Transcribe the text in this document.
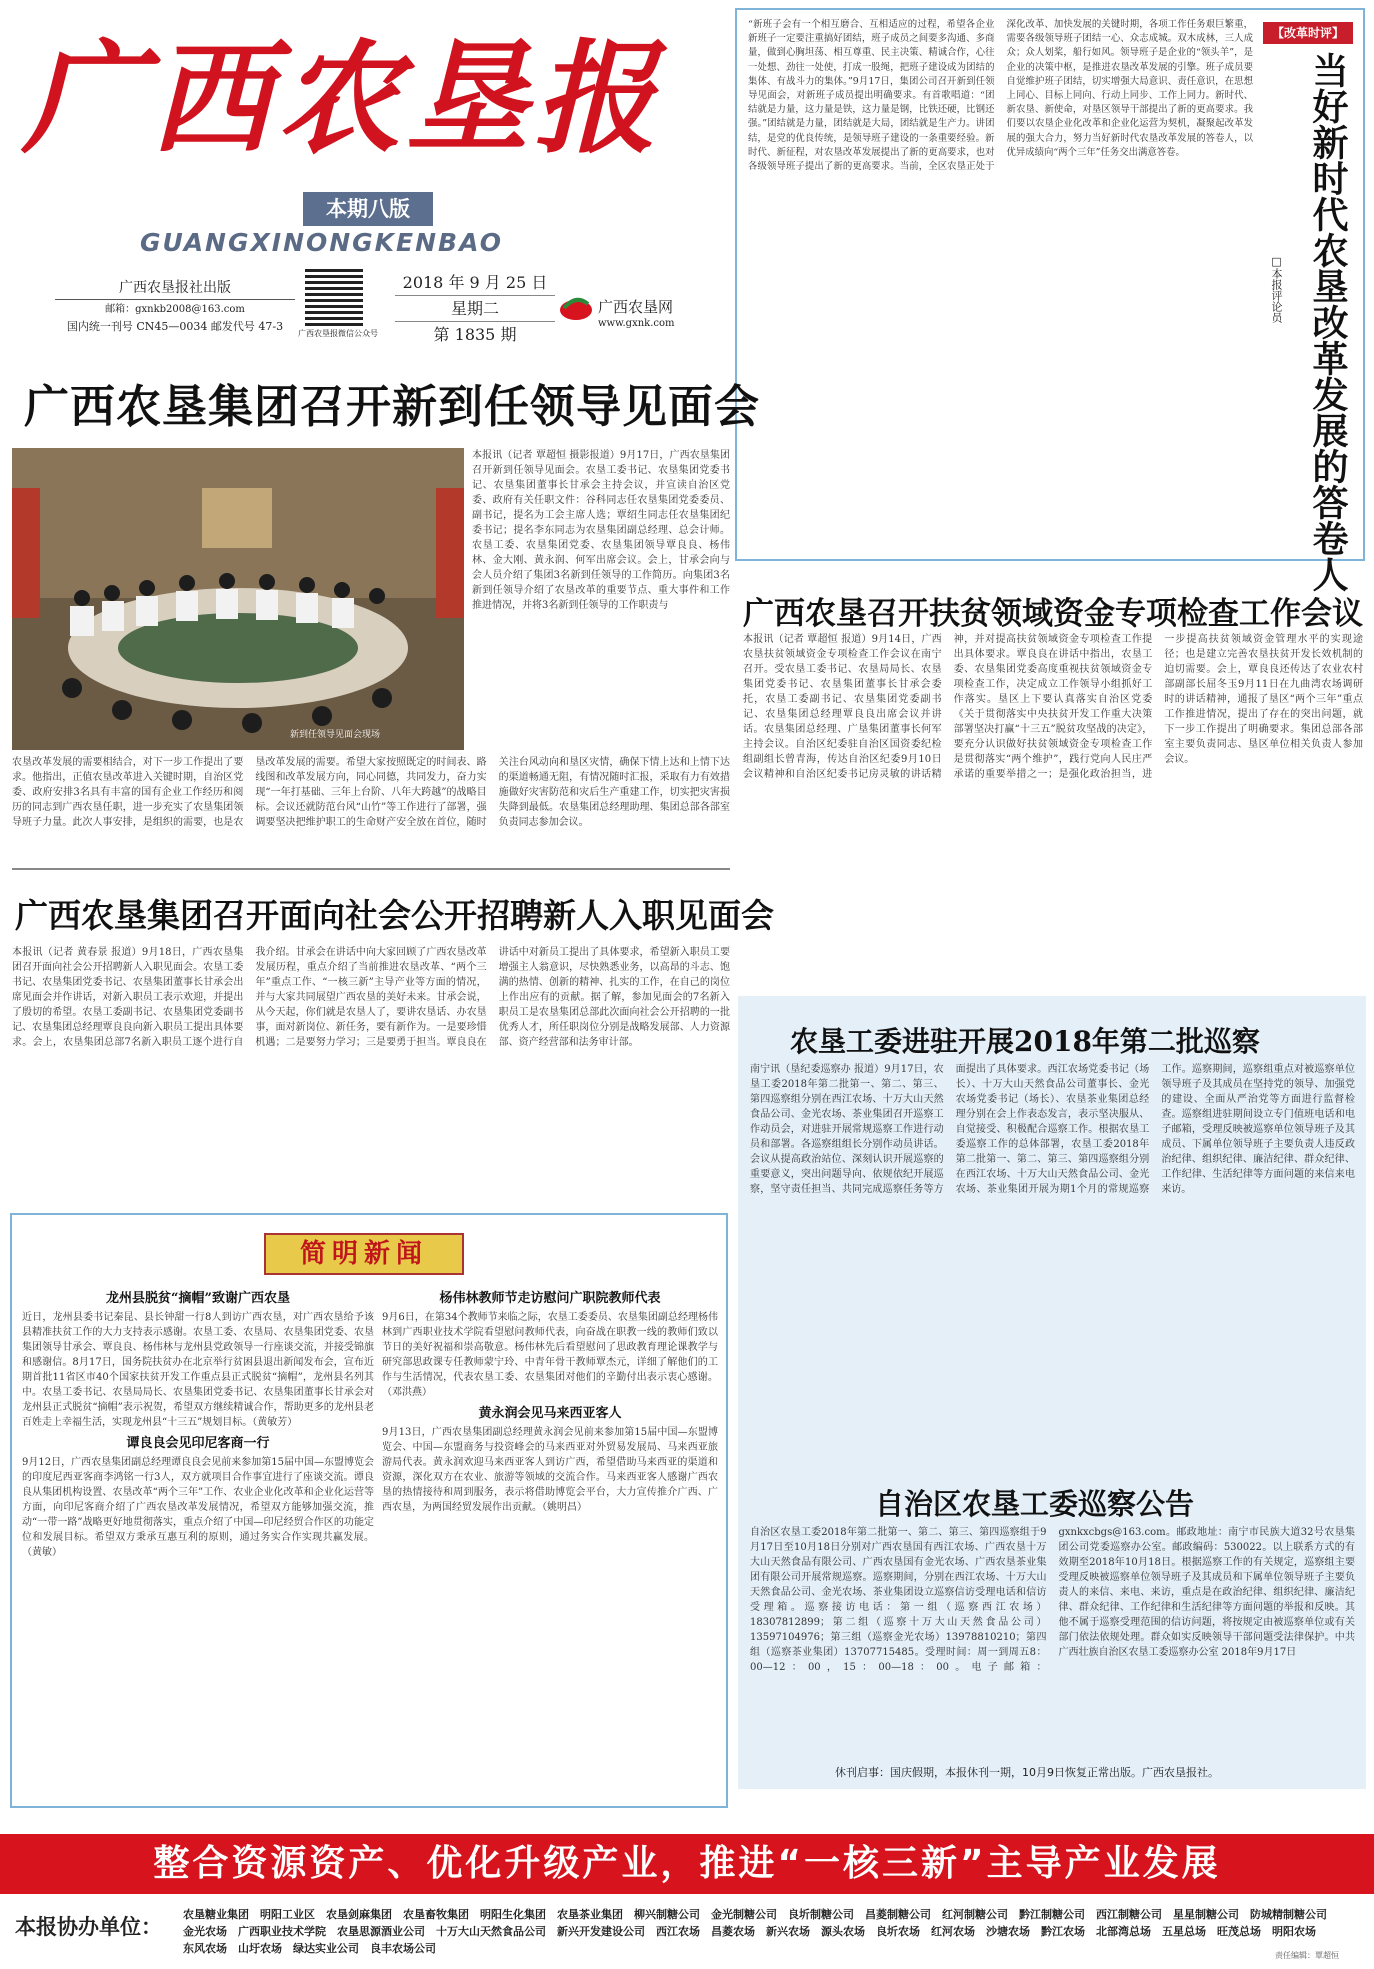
广西农垦报
本期八版
GUANGXINONGKENBAO
广西农垦报社出版
邮箱：gxnkb2008@163.com
国内统一刊号 CN45—0034 邮发代号 47-3
广西农垦报微信公众号
2018 年 9 月 25 日
星期二
第 1835 期
广西农垦网
www.gxnk.com
“新班子会有一个相互磨合、互相适应的过程，希望各企业新班子一定要注重搞好团结，班子成员之间要多沟通、多商量，做到心胸坦荡、相互尊重、民主决策、精诚合作，心往一处想、劲往一处使，打成一股绳，把班子建设成为团结的集体、有战斗力的集体。”9月17日，集团公司召开新到任领导见面会，对新班子成员提出明确要求。有首歌唱道：“团结就是力量，这力量是铁，这力量是钢，比铁还硬，比钢还强。”团结就是力量，团结就是大局，团结就是生产力。讲团结，是党的优良传统，是领导班子建设的一条重要经验。新时代、新征程，对农垦改革发展提出了新的更高要求，也对各级领导班子提出了新的更高要求。当前，全区农垦正处于深化改革、加快发展的关键时期，各项工作任务艰巨繁重，需要各级领导班子团结一心、众志成城。双木成林，三人成众；众人划桨，船行如风。领导班子是企业的“领头羊”，是企业的决策中枢，是推进农垦改革发展的引擎。班子成员要自觉维护班子团结，切实增强大局意识、责任意识，在思想上同心、目标上同向、行动上同步、工作上同力。新时代、新农垦、新使命，对垦区领导干部提出了新的更高要求。我们要以农垦企业化改革和企业化运营为契机，凝聚起改革发展的强大合力，努力当好新时代农垦改革发展的答卷人，以优异成绩向“两个三年”任务交出满意答卷。
【改革时评】
当好新时代农垦改革发展的答卷人
□本报评论员
广西农垦集团召开新到任领导见面会
新到任领导见面会现场
本报讯（记者 覃超恒 摄影报道）9月17日，广西农垦集团召开新到任领导见面会。农垦工委书记、农垦集团党委书记、农垦集团董事长甘承会主持会议，并宣读自治区党委、政府有关任职文件：谷科同志任农垦集团党委委员、副书记，提名为工会主席人选；覃绍生同志任农垦集团纪委书记；提名李东同志为农垦集团副总经理、总会计师。农垦工委、农垦集团党委、农垦集团领导覃良良、杨伟林、金大刚、黄永润、何军出席会议。会上，甘承会向与会人员介绍了集团3名新到任领导的工作简历。向集团3名新到任领导介绍了农垦改革的重要节点、重大事件和工作推进情况，并将3名新到任领导的工作职责与
农垦改革发展的需要相结合，对下一步工作提出了要求。他指出，正值农垦改革进入关键时期，自治区党委、政府安排3名具有丰富的国有企业工作经历和阅历的同志到广西农垦任职，进一步充实了农垦集团领导班子力量。此次人事安排，是组织的需要，也是农垦改革发展的需要。希望大家按照既定的时间表、路线图和改革发展方向，同心同德，共同发力，奋力实现“一年打基础、三年上台阶、八年大跨越”的战略目标。会议还就防范台风“山竹”等工作进行了部署，强调要坚决把维护职工的生命财产安全放在首位，随时关注台风动向和垦区灾情，确保下情上达和上情下达的渠道畅通无阻，有情况随时汇报，采取有力有效措施做好灾害防范和灾后生产重建工作，切实把灾害损失降到最低。农垦集团总经理助理、集团总部各部室负责同志参加会议。
广西农垦召开扶贫领域资金专项检查工作会议
本报讯（记者 覃超恒 报道）9月14日，广西农垦扶贫领域资金专项检查工作会议在南宁召开。受农垦工委书记、农垦局局长、农垦集团党委书记、农垦集团董事长甘承会委托，农垦工委副书记、农垦集团党委副书记、农垦集团总经理覃良良出席会议并讲话。农垦集团总经理、广垦集团董事长何军主持会议。自治区纪委驻自治区国资委纪检组副组长曾青海，传达自治区纪委9月10日会议精神和自治区纪委书记房灵敏的讲话精神，并对提高扶贫领域资金专项检查工作提出具体要求。覃良良在讲话中指出，农垦工委、农垦集团党委高度重视扶贫领域资金专项检查工作，决定成立工作领导小组抓好工作落实。垦区上下要认真落实自治区党委《关于贯彻落实中央扶贫开发工作重大决策部署坚决打赢“十三五”脱贫攻坚战的决定》，要充分认识做好扶贫领域资金专项检查工作是贯彻落实“两个维护”，践行党向人民庄严承诺的重要举措之一；是强化政治担当，进一步提高扶贫领域资金管理水平的实现途径；也是建立完善农垦扶贫开发长效机制的迫切需要。会上，覃良良还传达了农业农村部副部长屈冬玉9月11日在九曲湾农场调研时的讲话精神，通报了垦区“两个三年”重点工作推进情况，提出了存在的突出问题，就下一步工作提出了明确要求。集团总部各部室主要负责同志、垦区单位相关负责人参加会议。
广西农垦集团召开面向社会公开招聘新人入职见面会
本报讯（记者 黄春景 报道）9月18日，广西农垦集团召开面向社会公开招聘新人入职见面会。农垦工委书记、农垦集团党委书记、农垦集团董事长甘承会出席见面会并作讲话，对新入职员工表示欢迎，并提出了殷切的希望。农垦工委副书记、农垦集团党委副书记、农垦集团总经理覃良良向新入职员工提出具体要求。会上，农垦集团总部7名新入职员工逐个进行自我介绍。甘承会在讲话中向大家回顾了广西农垦改革发展历程，重点介绍了当前推进农垦改革、“两个三年”重点工作、“一核三新”主导产业等方面的情况，并与大家共同展望广西农垦的美好未来。甘承会说，从今天起，你们就是农垦人了，要讲农垦话、办农垦事，面对新岗位、新任务，要有新作为。一是要珍惜机遇；二是要努力学习；三是要勇于担当。覃良良在讲话中对新员工提出了具体要求，希望新入职员工要增强主人翁意识，尽快熟悉业务，以高昂的斗志、饱满的热情、创新的精神、扎实的工作，在自己的岗位上作出应有的贡献。据了解，参加见面会的7名新入职员工是农垦集团总部此次面向社会公开招聘的一批优秀人才，所任职岗位分别是战略发展部、人力资源部、资产经营部和法务审计部。	农垦工委进驻开展2018年第二批巡察
南宁讯（垦纪委巡察办 报道）9月17日，农垦工委2018年第二批第一、第二、第三、第四巡察组分别在西江农场、十万大山天然食品公司、金光农场、茶业集团召开巡察工作动员会，对进驻开展常规巡察工作进行动员和部署。各巡察组组长分别作动员讲话。会议从提高政治站位、深刻认识开展巡察的重要意义，突出问题导向、依规依纪开展巡察，坚守责任担当、共同完成巡察任务等方面提出了具体要求。西江农场党委书记（场长）、十万大山天然食品公司董事长、金光农场党委书记（场长）、农垦茶业集团总经理分别在会上作表态发言，表示坚决服从、自觉接受、积极配合巡察工作。根据农垦工委巡察工作的总体部署，农垦工委2018年第二批第一、第二、第三、第四巡察组分别在西江农场、十万大山天然食品公司、金光农场、茶业集团开展为期1个月的常规巡察工作。巡察期间，巡察组重点对被巡察单位领导班子及其成员在坚持党的领导、加强党的建设、全面从严治党等方面进行监督检查。巡察组进驻期间设立专门值班电话和电子邮箱，受理反映被巡察单位领导班子及其成员、下属单位领导班子主要负责人违反政治纪律、组织纪律、廉洁纪律、群众纪律、工作纪律、生活纪律等方面问题的来信来电来访。
自治区农垦工委巡察公告
自治区农垦工委2018年第二批第一、第二、第三、第四巡察组于9月17日至10月18日分别对广西农垦国有西江农场、广西农垦十万大山天然食品有限公司、广西农垦国有金光农场、广西农垦茶业集团有限公司开展常规巡察。巡察期间，分别在西江农场、十万大山天然食品公司、金光农场、茶业集团设立巡察信访受理电话和信访受理箱。巡察接访电话：第一组（巡察西江农场）18307812899；第二组（巡察十万大山天然食品公司）13597104976；第三组（巡察金光农场）13978810210；第四组（巡察茶业集团）13707715485。受理时间：周一到周五8：00—12：00，15：00—18：00。电子邮箱：gxnkxcbgs@163.com。邮政地址：南宁市民族大道32号农垦集团公司党委巡察办公室。邮政编码：530022。以上联系方式的有效期至2018年10月18日。根据巡察工作的有关规定，巡察组主要受理反映被巡察单位领导班子及其成员和下属单位领导班子主要负责人的来信、来电、来访，重点是在政治纪律、组织纪律、廉洁纪律、群众纪律、工作纪律和生活纪律等方面问题的举报和反映。其他不属于巡察受理范围的信访问题，将按规定由被巡察单位或有关部门依法依规处理。群众如实反映领导干部问题受法律保护。中共广西壮族自治区农垦工委巡察办公室 2018年9月17日
休刊启事：国庆假期，本报休刊一期，10月9日恢复正常出版。广西农垦报社。
简明新闻
龙州县脱贫“摘帽”致谢广西农垦
近日，龙州县委书记秦昆、县长钟甜一行8人到访广西农垦，对广西农垦给予该县精准扶贫工作的大力支持表示感谢。农垦工委、农垦局、农垦集团党委、农垦集团领导甘承会、覃良良、杨伟林与龙州县党政领导一行座谈交流，并接受锦旗和感谢信。8月17日，国务院扶贫办在北京举行贫困县退出新闻发布会，宣布近期首批11省区市40个国家扶贫开发工作重点县正式脱贫“摘帽”，龙州县名列其中。农垦工委书记、农垦局局长、农垦集团党委书记、农垦集团董事长甘承会对龙州县正式脱贫“摘帽”表示祝贺，希望双方继续精诚合作，帮助更多的龙州县老百姓走上幸福生活，实现龙州县“十三五”规划目标。（黄敏芳）
谭良良会见印尼客商一行
9月12日，广西农垦集团副总经理谭良良会见前来参加第15届中国—东盟博览会的印度尼西亚客商李鸿铭一行3人，双方就项目合作事宜进行了座谈交流。谭良良从集团机构设置、农垦改革“两个三年”工作、农业企业化改革和企业化运营等方面，向印尼客商介绍了广西农垦改革发展情况，希望双方能够加强交流，推动“一带一路”战略更好地贯彻落实，重点介绍了中国—印尼经贸合作区的功能定位和发展目标。希望双方秉承互惠互利的原则，通过务实合作实现共赢发展。（黄敏）
杨伟林教师节走访慰问广职院教师代表
9月6日，在第34个教师节来临之际，农垦工委委员、农垦集团副总经理杨伟林到广西职业技术学院看望慰问教师代表，向奋战在职教一线的教师们致以节日的美好祝福和崇高敬意。杨伟林先后看望慰问了思政教育理论课教学与研究部思政课专任教师蒙宁玲、中青年骨干教师覃杰元，详细了解他们的工作与生活情况，代表农垦工委、农垦集团对他们的辛勤付出表示衷心感谢。（邓洪燕）
黄永润会见马来西亚客人
9月13日，广西农垦集团副总经理黄永润会见前来参加第15届中国—东盟博览会、中国—东盟商务与投资峰会的马来西亚对外贸易发展局、马来西亚旅游局代表。黄永润欢迎马来西亚客人到访广西，希望借助马来西亚的渠道和资源，深化双方在农业、旅游等领域的交流合作。马来西亚客人感谢广西农垦的热情接待和周到服务，表示将借助博览会平台，大力宣传推介广西、广西农垦，为两国经贸发展作出贡献。（姚明昌）
整合资源资产、优化升级产业，推进“一核三新”主导产业发展
本报协办单位： 农垦糖业集团 明阳工业区 农垦剑麻集团 农垦畜牧集团 明阳生化集团 农垦茶业集团 柳兴制糖公司 金光制糖公司 良圻制糖公司 昌菱制糖公司 红河制糖公司 黔江制糖公司 西江制糖公司 星星制糖公司 防城精制糖公司金光农场 广西职业技术学院 农垦思源酒业公司 十万大山天然食品公司 新兴开发建设公司 西江农场 昌菱农场 新兴农场 源头农场 良圻农场 红河农场 沙塘农场 黔江农场 北部湾总场 五星总场 旺茂总场 明阳农场东风农场 山圩农场 绿达实业公司 良丰农场公司
责任编辑：覃超恒
